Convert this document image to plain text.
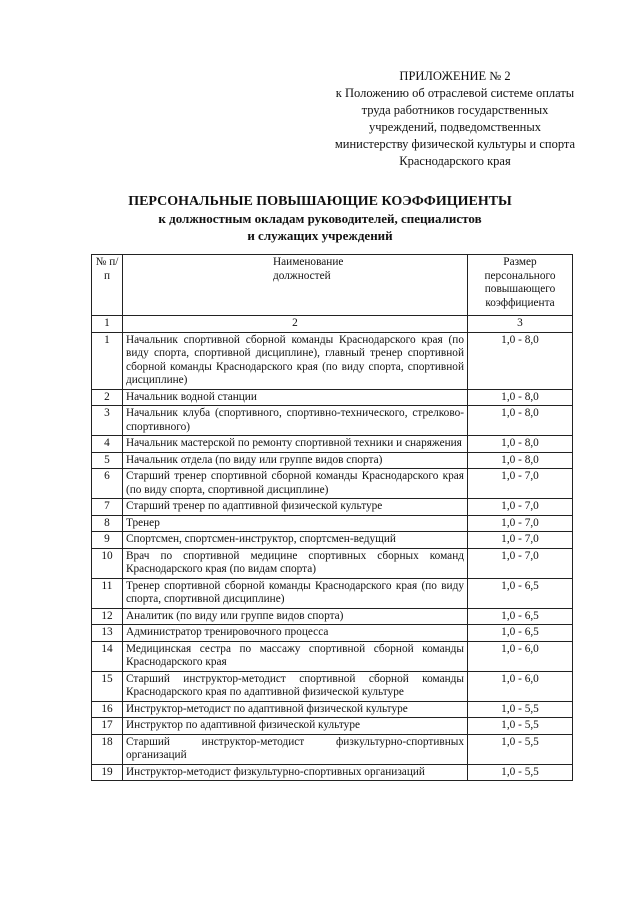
ПРИЛОЖЕНИЕ № 2
к Положению об отраслевой системе оплаты
труда работников государственных
учреждений, подведомственных
министерству физической культуры и спорта
Краснодарского края
ПЕРСОНАЛЬНЫЕ ПОВЫШАЮЩИЕ КОЭФФИЦИЕНТЫ
к должностным окладам руководителей, специалистов
и служащих учреждений
№ п/п	Наименование должностей	Размер персонального повышающего коэффициента
1	2	3
1	Начальник спортивной сборной команды Краснодарского края (по виду спорта, спортивной дисциплине), главный тренер спортивной сборной команды Краснодарского края (по виду спорта, спортивной дисциплине)	1,0 - 8,0
2	Начальник водной станции	1,0 - 8,0
3	Начальник клуба (спортивного, спортивно-технического, стрелково-спортивного)	1,0 - 8,0
4	Начальник мастерской по ремонту спортивной техники и снаряжения	1,0 - 8,0
5	Начальник отдела (по виду или группе видов спорта)	1,0 - 8,0
6	Старший тренер спортивной сборной команды Краснодарского края (по виду спорта, спортивной дисциплине)	1,0 - 7,0
7	Старший тренер по адаптивной физической культуре	1,0 - 7,0
8	Тренер	1,0 - 7,0
9	Спортсмен, спортсмен-инструктор, спортсмен-ведущий	1,0 - 7,0
10	Врач по спортивной медицине спортивных сборных команд Краснодарского края (по видам спорта)	1,0 - 7,0
11	Тренер спортивной сборной команды Краснодарского края (по виду спорта, спортивной дисциплине)	1,0 - 6,5
12	Аналитик (по виду или группе видов спорта)	1,0 - 6,5
13	Администратор тренировочного процесса	1,0 - 6,5
14	Медицинская сестра по массажу спортивной сборной команды Краснодарского края	1,0 - 6,0
15	Старший инструктор-методист спортивной сборной команды Краснодарского края по адаптивной физической культуре	1,0 - 6,0
16	Инструктор-методист по адаптивной физической культуре	1,0 - 5,5
17	Инструктор по адаптивной физической культуре	1,0 - 5,5
18	Старший инструктор-методист физкультурно-спортивных организаций	1,0 - 5,5
19	Инструктор-методист физкультурно-спортивных организаций	1,0 - 5,5
